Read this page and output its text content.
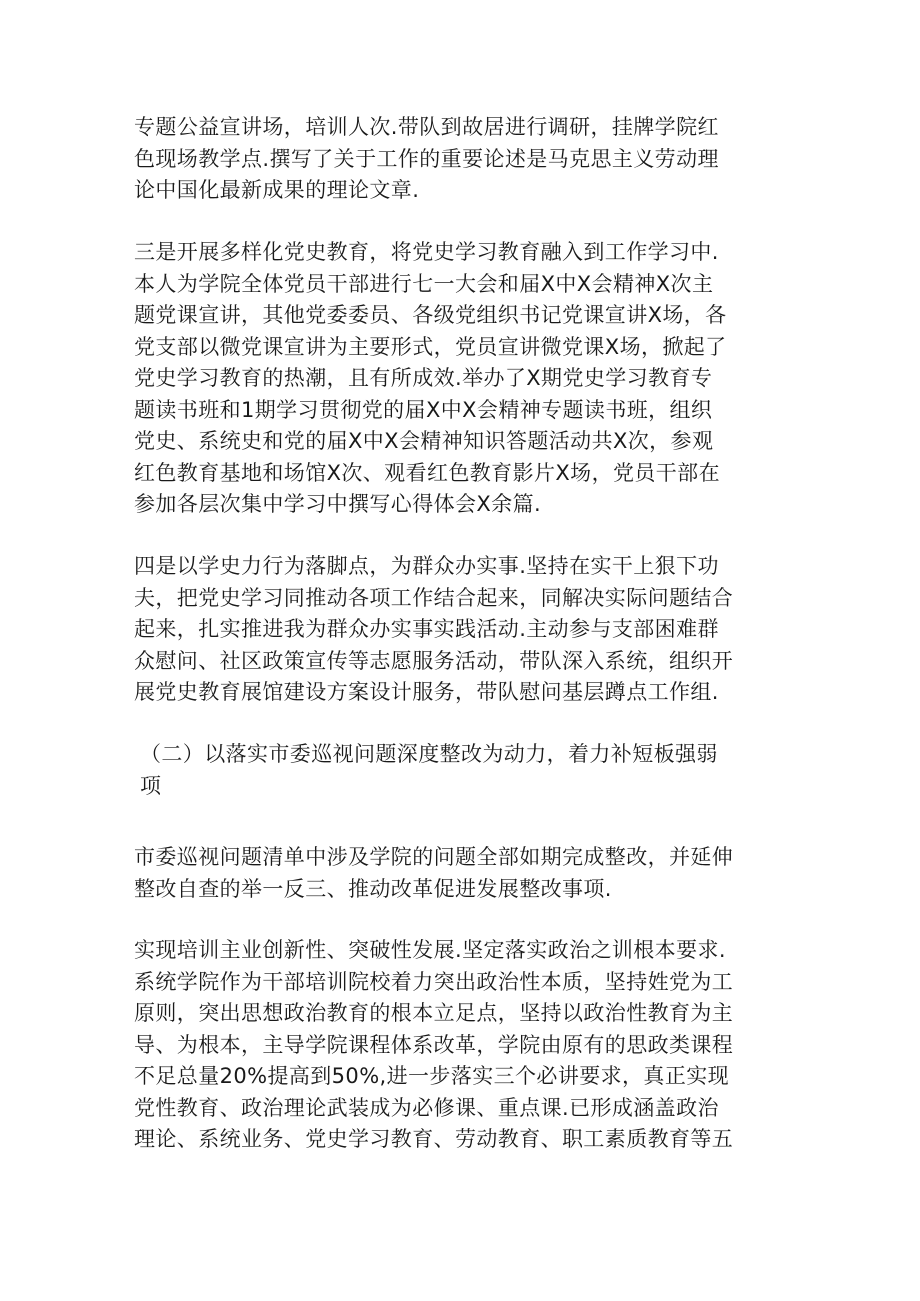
专题公益宣讲场，培训人次.带队到故居进行调研，挂牌学院红
色现场教学点.撰写了关于工作的重要论述是马克思主义劳动理
论中国化最新成果的理论文章.
三是开展多样化党史教育，将党史学习教育融入到工作学习中.
本人为学院全体党员干部进行七一大会和届X中X会精神X次主
题党课宣讲，其他党委委员、各级党组织书记党课宣讲X场，各
党支部以微党课宣讲为主要形式，党员宣讲微党课X场，掀起了
党史学习教育的热潮，且有所成效.举办了X期党史学习教育专
题读书班和1期学习贯彻党的届X中X会精神专题读书班，组织
党史、系统史和党的届X中X会精神知识答题活动共X次，参观
红色教育基地和场馆X次、观看红色教育影片X场，党员干部在
参加各层次集中学习中撰写心得体会X余篇.
四是以学史力行为落脚点，为群众办实事.坚持在实干上狠下功
夫，把党史学习同推动各项工作结合起来，同解决实际问题结合
起来，扎实推进我为群众办实事实践活动.主动参与支部困难群
众慰问、社区政策宣传等志愿服务活动，带队深入系统，组织开
展党史教育展馆建设方案设计服务，带队慰问基层蹲点工作组.
（二）以落实市委巡视问题深度整改为动力，着力补短板强弱
项
市委巡视问题清单中涉及学院的问题全部如期完成整改，并延伸
整改自查的举一反三、推动改革促进发展整改事项.
实现培训主业创新性、突破性发展.坚定落实政治之训根本要求.
系统学院作为干部培训院校着力突出政治性本质，坚持姓党为工
原则，突出思想政治教育的根本立足点，坚持以政治性教育为主
导、为根本，主导学院课程体系改革，学院由原有的思政类课程
不足总量20%提高到50%,进一步落实三个必讲要求，真正实现
党性教育、政治理论武装成为必修课、重点课.已形成涵盖政治
理论、系统业务、党史学习教育、劳动教育、职工素质教育等五
